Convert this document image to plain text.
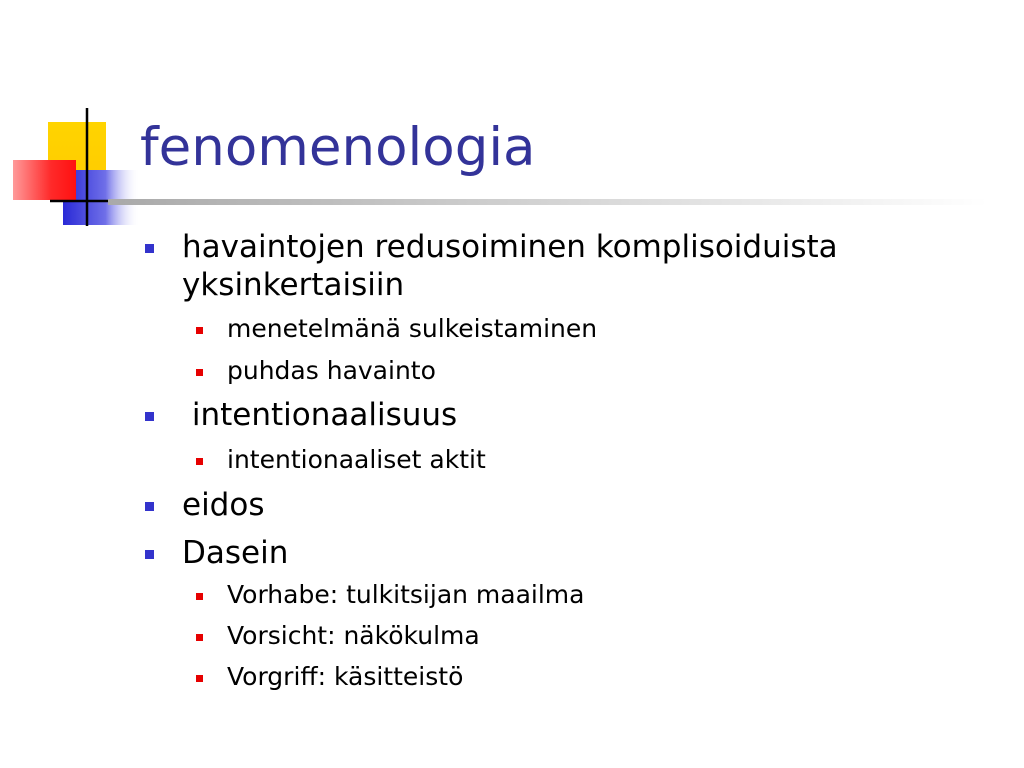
fenomenologia
havaintojen redusoiminen komplisoiduista
yksinkertaisiin
menetelmänä sulkeistaminen
puhdas havainto
intentionaalisuus
intentionaaliset aktit
eidos
Dasein
Vorhabe: tulkitsijan maailma
Vorsicht: näkökulma
Vorgriff: käsitteistö
